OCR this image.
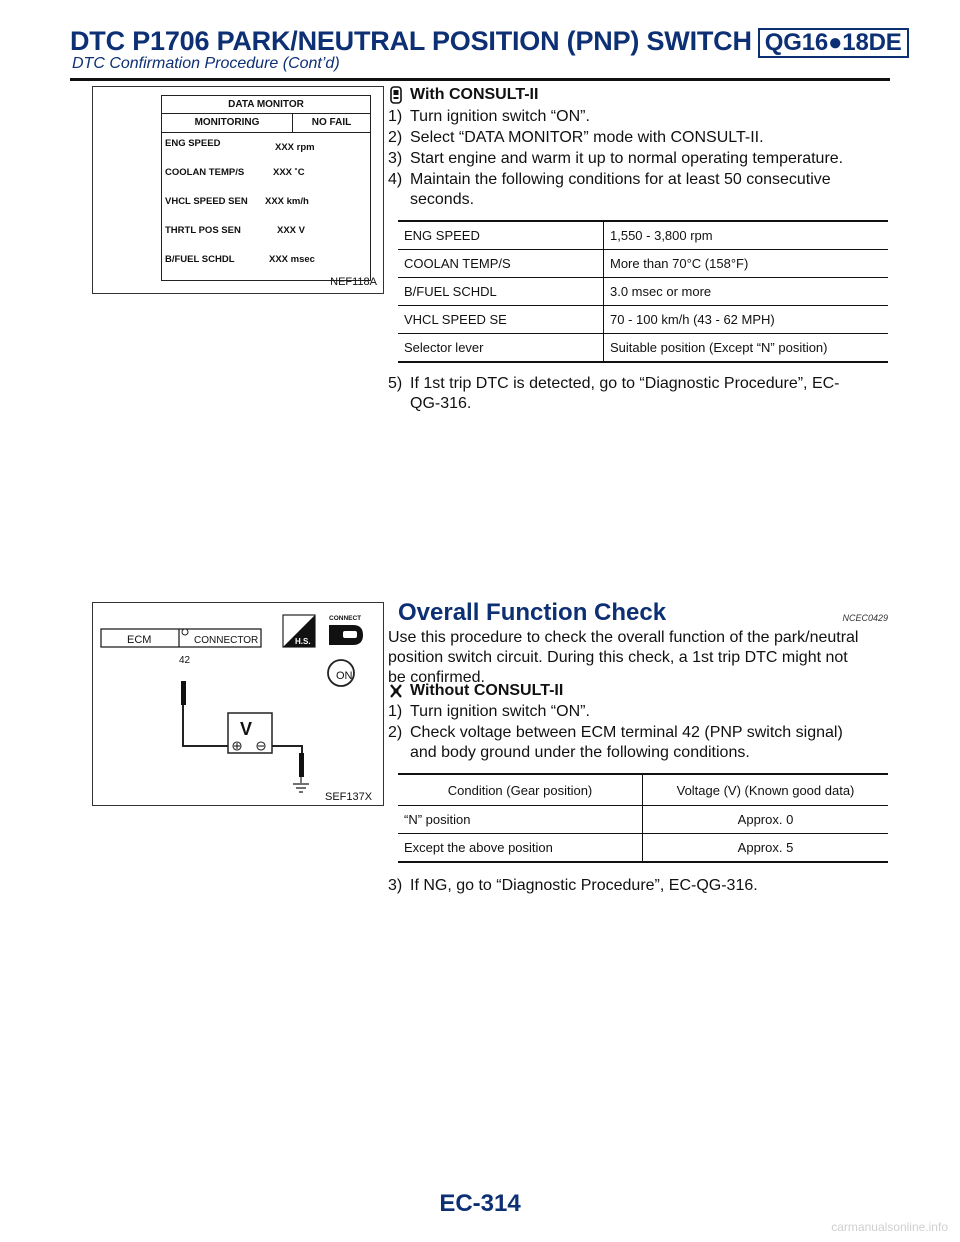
DTC P1706 PARK/NEUTRAL POSITION (PNP) SWITCH QG16●18DE
DTC Confirmation Procedure (Cont’d)
DATA MONITOR
MONITORING	NO FAIL
ENG SPEED	XXX rpm
COOLAN TEMP/S	XXX ˚C
VHCL SPEED SEN	XXX km/h
THRTL POS SEN	XXX V
B/FUEL SCHDL	XXX msec
NEF118A
With CONSULT-II
1) Turn ignition switch “ON”.
2) Select “DATA MONITOR” mode with CONSULT-II.
3) Start engine and warm it up to normal operating temperature.
4) Maintain the following conditions for at least 50 consecutive
seconds.
ENG SPEED	1,550 - 3,800 rpm
COOLAN TEMP/S	More than 70°C (158°F)
B/FUEL SCHDL	3.0 msec or more
VHCL SPEED SE	70 - 100 km/h (43 - 62 MPH)
Selector lever	Suitable position (Except “N” position)
5) If 1st trip DTC is detected, go to “Diagnostic Procedure”, EC-
QG-316.
ECM	CONNECTOR
42
V
H.S.
CONNECT
ON
SEF137X
Overall Function Check	NCEC0429
Use this procedure to check the overall function of the park/neutral
position switch circuit. During this check, a 1st trip DTC might not
be confirmed.
Without CONSULT-II
1) Turn ignition switch “ON”.
2) Check voltage between ECM terminal 42 (PNP switch signal)
and body ground under the following conditions.
Condition (Gear position)	Voltage (V) (Known good data)
“N” position	Approx. 0
Except the above position	Approx. 5
3) If NG, go to “Diagnostic Procedure”, EC-QG-316.
EC-314
carmanualsonline.info
